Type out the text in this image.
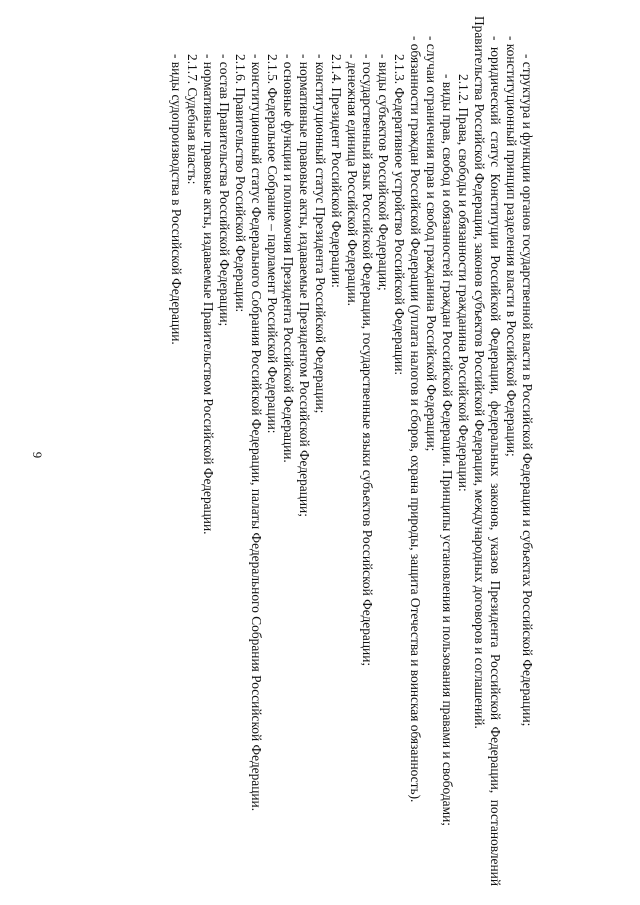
9	- структура и функции органов государственной власти в Российской Федерации и субъектах Российской Федерации;

- конституционный принцип разделения власти в Российской Федерации;

- юридический статус Конституции Российской Федерации, федеральных законов, указов Президента Российской Федерации, постановлений Правительства Российской Федерации, законов субъектов Российской Федерации, международных договоров и соглашений.

2.1.2. Права, свободы и обязанности гражданина Российской Федерации:

- виды прав, свобод и обязанностей граждан Российской Федерации. Принципы установления и пользования правами и свободами;

- случаи ограничения прав и свобод гражданина Российской Федерации;

- обязанности граждан Российской Федерации (уплата налогов и сборов, охрана природы, защита Отечества и воинская обязанность).

2.1.3. Федеративное устройство Российской Федерации:

- виды субъектов Российской Федерации;

- государственный язык Российской Федерации, государственные языки субъектов Российской Федерации;

- денежная единица Российской Федерации.

2.1.4. Президент Российской Федерации:

- конституционный статус Президента Российской Федерации;

- нормативные правовые акты, издаваемые Президентом Российской Федерации;

- основные функции и полномочия Президента Российской Федерации.

2.1.5. Федеральное Собрание – парламент Российской Федерации:

- конституционный статус Федерального Собрания Российской Федерации, палаты Федерального Собрания Российской Федерации.

2.1.6. Правительство Российской Федерации:

- состав Правительства Российской Федерации;

- нормативные правовые акты, издаваемые Правительством Российской Федерации.

2.1.7. Судебная власть:

- виды судопроизводства в Российской Федерации.
